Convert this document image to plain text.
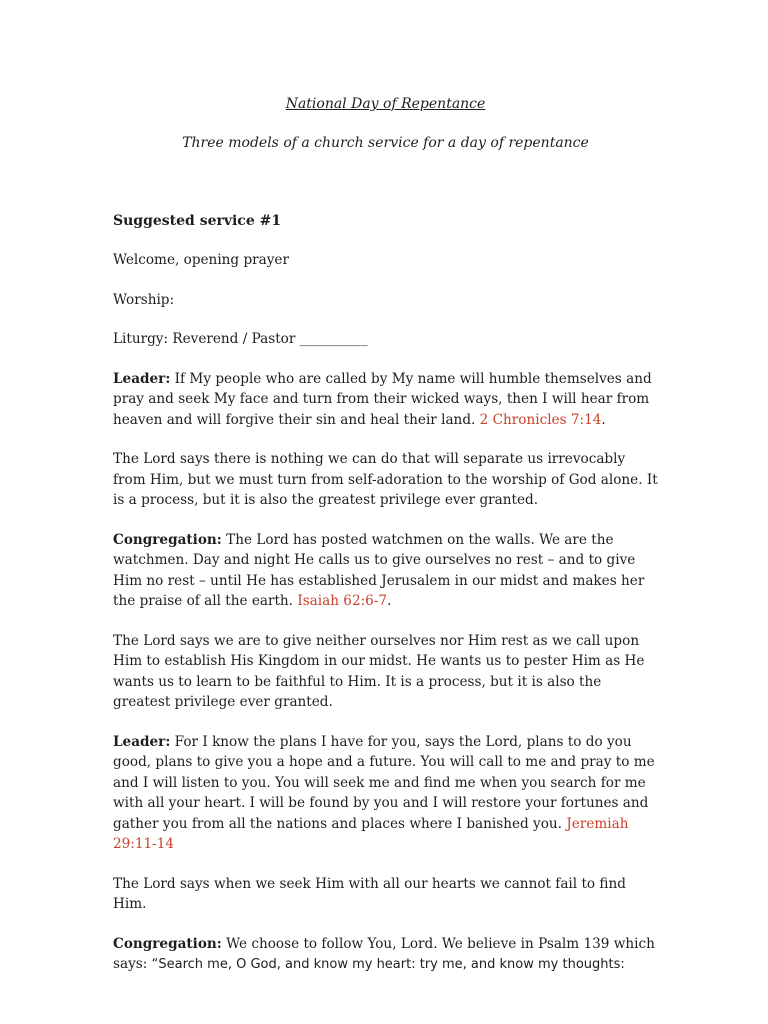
National Day of Repentance

Three models of a church service for a day of repentance

Suggested service #1

Welcome, opening prayer

Worship:

Liturgy: Reverend / Pastor __________

Leader: If My people who are called by My name will humble themselves and pray and seek My face and turn from their wicked ways, then I will hear from heaven and will forgive their sin and heal their land. 2 Chronicles 7:14.

The Lord says there is nothing we can do that will separate us irrevocably from Him, but we must turn from self-adoration to the worship of God alone. It is a process, but it is also the greatest privilege ever granted.

Congregation: The Lord has posted watchmen on the walls. We are the watchmen. Day and night He calls us to give ourselves no rest – and to give Him no rest – until He has established Jerusalem in our midst and makes her the praise of all the earth. Isaiah 62:6-7.

The Lord says we are to give neither ourselves nor Him rest as we call upon Him to establish His Kingdom in our midst. He wants us to pester Him as He wants us to learn to be faithful to Him. It is a process, but it is also the greatest privilege ever granted.

Leader: For I know the plans I have for you, says the Lord, plans to do you good, plans to give you a hope and a future. You will call to me and pray to me and I will listen to you. You will seek me and find me when you search for me with all your heart. I will be found by you and I will restore your fortunes and gather you from all the nations and places where I banished you. Jeremiah 29:11-14

The Lord says when we seek Him with all our hearts we cannot fail to find Him.

Congregation: We choose to follow You, Lord. We believe in Psalm 139 which says: “Search me, O God, and know my heart: try me, and know my thoughts:
